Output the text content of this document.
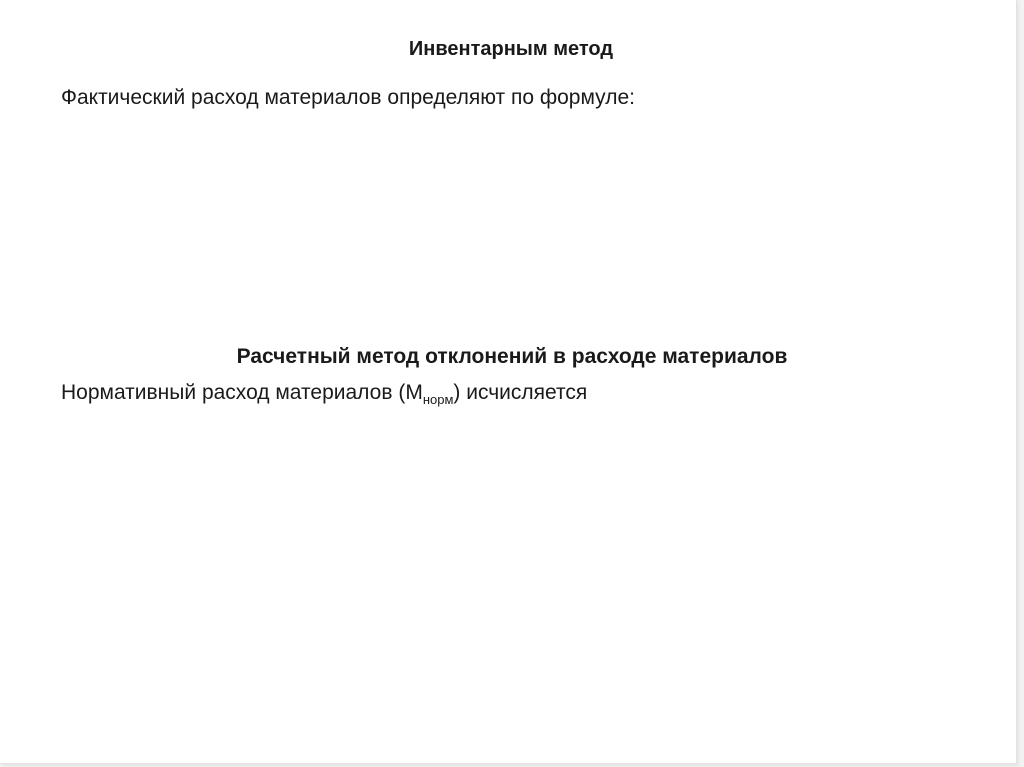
Инвентарным метод

Фактический расход материалов определяют по формуле:

Расчетный метод отклонений в расходе материалов

Нормативный расход материалов $(М_{норм})$ исчисляется
